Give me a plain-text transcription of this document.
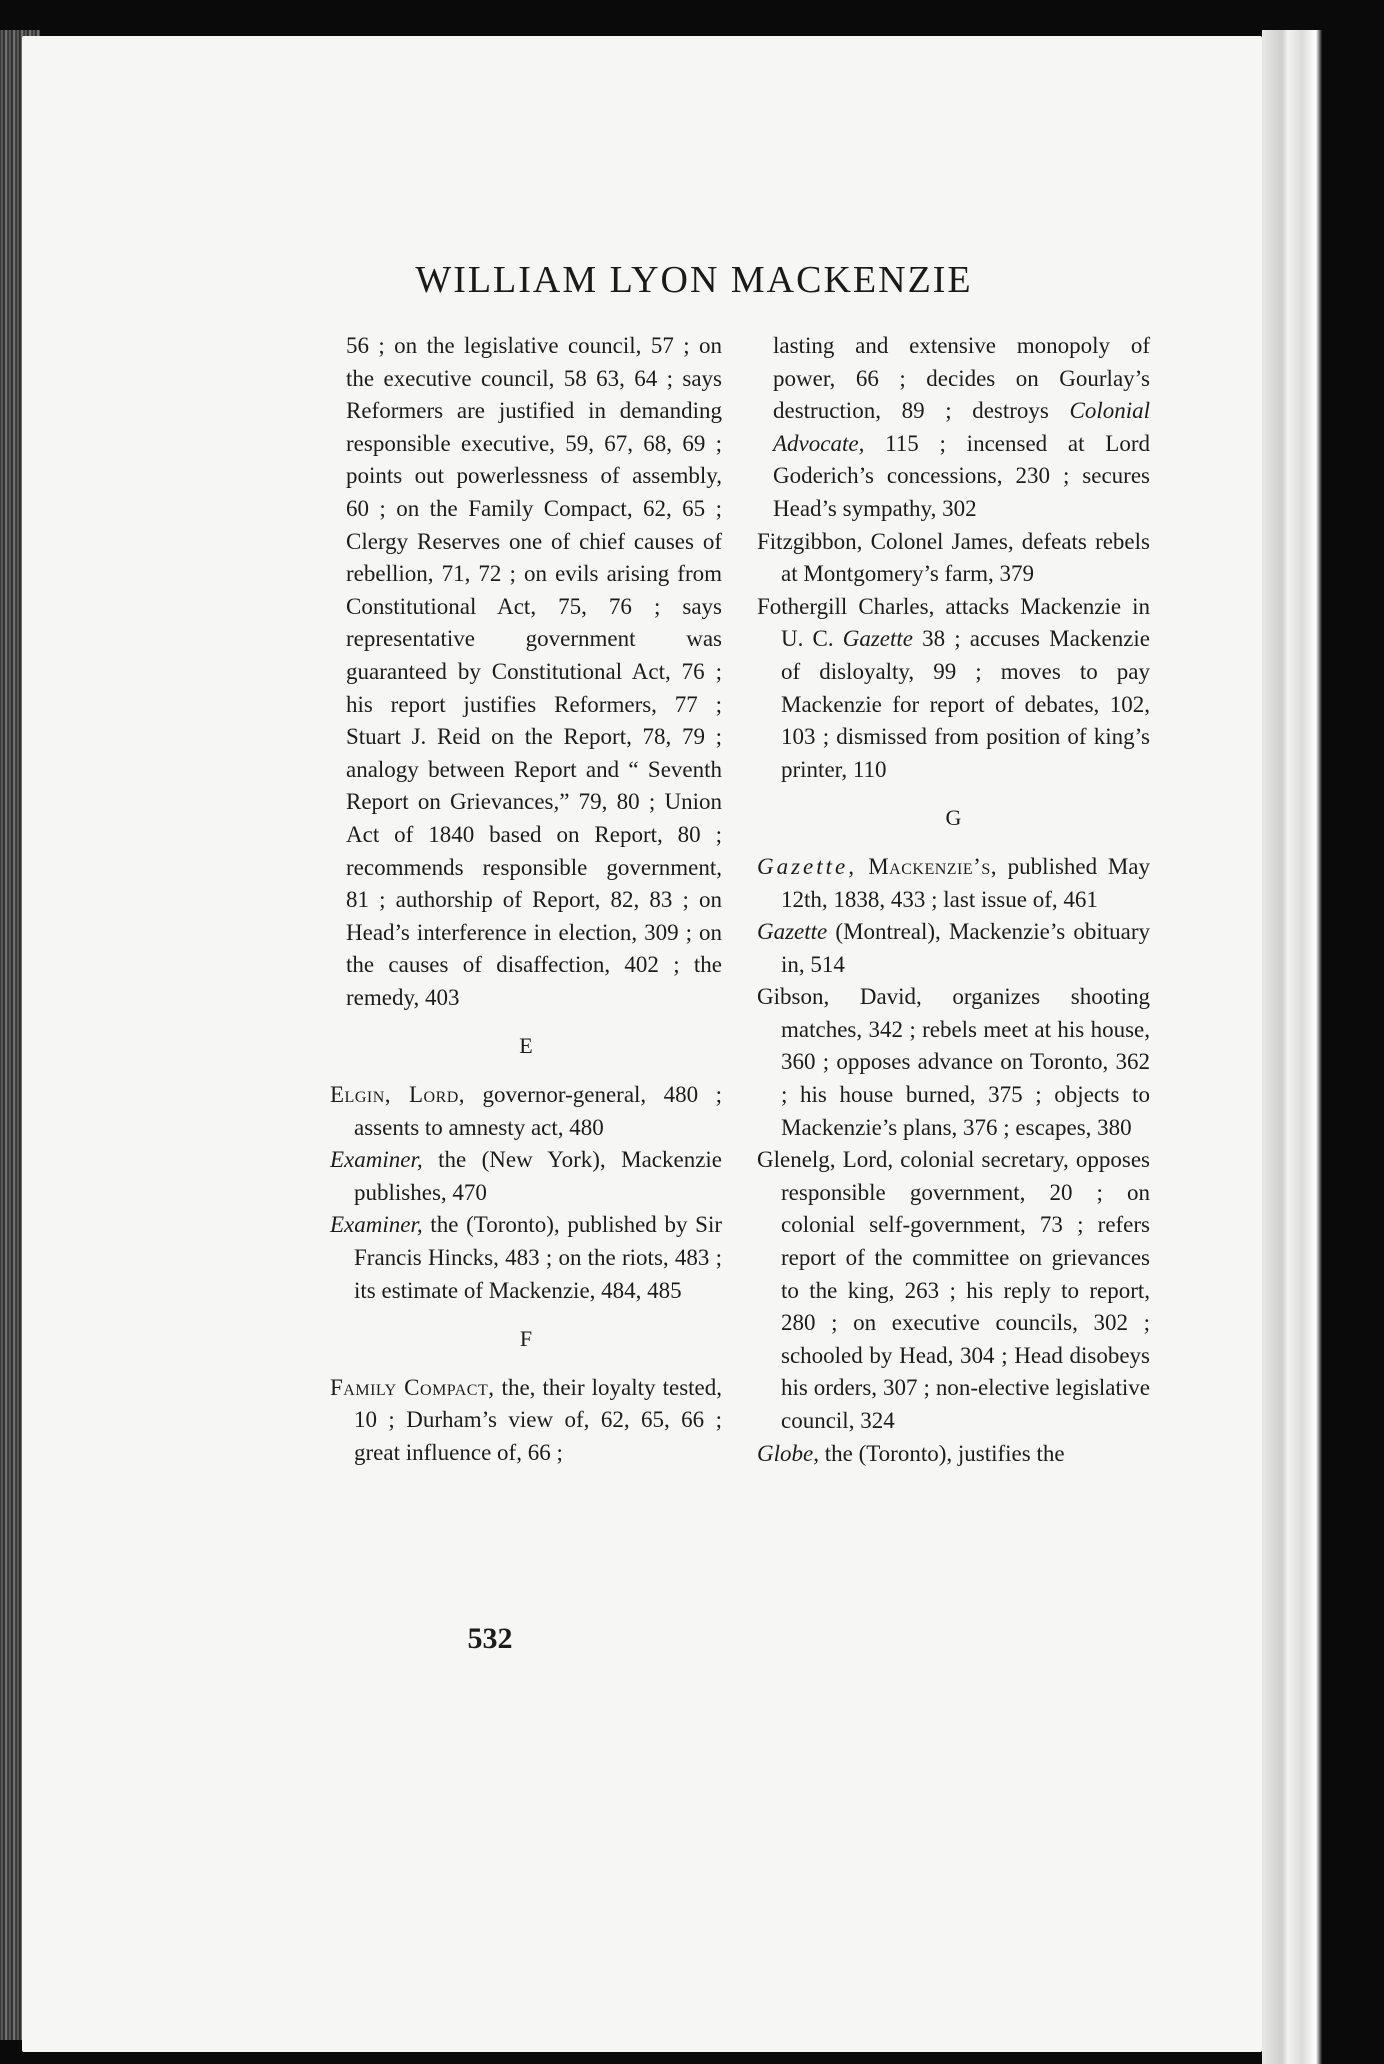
WILLIAM LYON MACKENZIE

56 ; on the legislative council, 57 ; on the executive council, 58 63, 64 ; says Reformers are justified in demanding responsible executive, 59, 67, 68, 69 ; points out powerlessness of assembly, 60 ; on the Family Compact, 62, 65 ; Clergy Reserves one of chief causes of rebellion, 71, 72 ; on evils arising from Constitutional Act, 75, 76 ; says representative government was guaranteed by Constitutional Act, 76 ; his report justifies Reformers, 77 ; Stuart J. Reid on the Report, 78, 79 ; analogy between Report and “ Seventh Report on Grievances,” 79, 80 ; Union Act of 1840 based on Report, 80 ; recommends responsible government, 81 ; authorship of Report, 82, 83 ; on Head’s interference in election, 309 ; on the causes of disaffection, 402 ; the remedy, 403

E

Elgin, Lord, governor-general, 480 ; assents to amnesty act, 480

Examiner, the (New York), Mackenzie publishes, 470

Examiner, the (Toronto), published by Sir Francis Hincks, 483 ; on the riots, 483 ; its estimate of Mackenzie, 484, 485

F

Family Compact, the, their loyalty tested, 10 ; Durham’s view of, 62, 65, 66 ; great influence of, 66 ;

lasting and extensive monopoly of power, 66 ; decides on Gourlay’s destruction, 89 ; destroys Colonial Advocate, 115 ; incensed at Lord Goderich’s concessions, 230 ; secures Head’s sympathy, 302

Fitzgibbon, Colonel James, defeats rebels at Montgomery’s farm, 379

Fothergill Charles, attacks Mackenzie in U. C. Gazette 38 ; accuses Mackenzie of disloyalty, 99 ; moves to pay Mackenzie for report of debates, 102, 103 ; dismissed from position of king’s printer, 110

G

Gazette, Mackenzie’s, published May 12th, 1838, 433 ; last issue of, 461

Gazette (Montreal), Mackenzie’s obituary in, 514

Gibson, David, organizes shooting matches, 342 ; rebels meet at his house, 360 ; opposes advance on Toronto, 362 ; his house burned, 375 ; objects to Mackenzie’s plans, 376 ; escapes, 380

Glenelg, Lord, colonial secretary, opposes responsible government, 20 ; on colonial self-government, 73 ; refers report of the committee on grievances to the king, 263 ; his reply to report, 280 ; on executive councils, 302 ; schooled by Head, 304 ; Head disobeys his orders, 307 ; non-elective legislative council, 324

Globe, the (Toronto), justifies the

532
